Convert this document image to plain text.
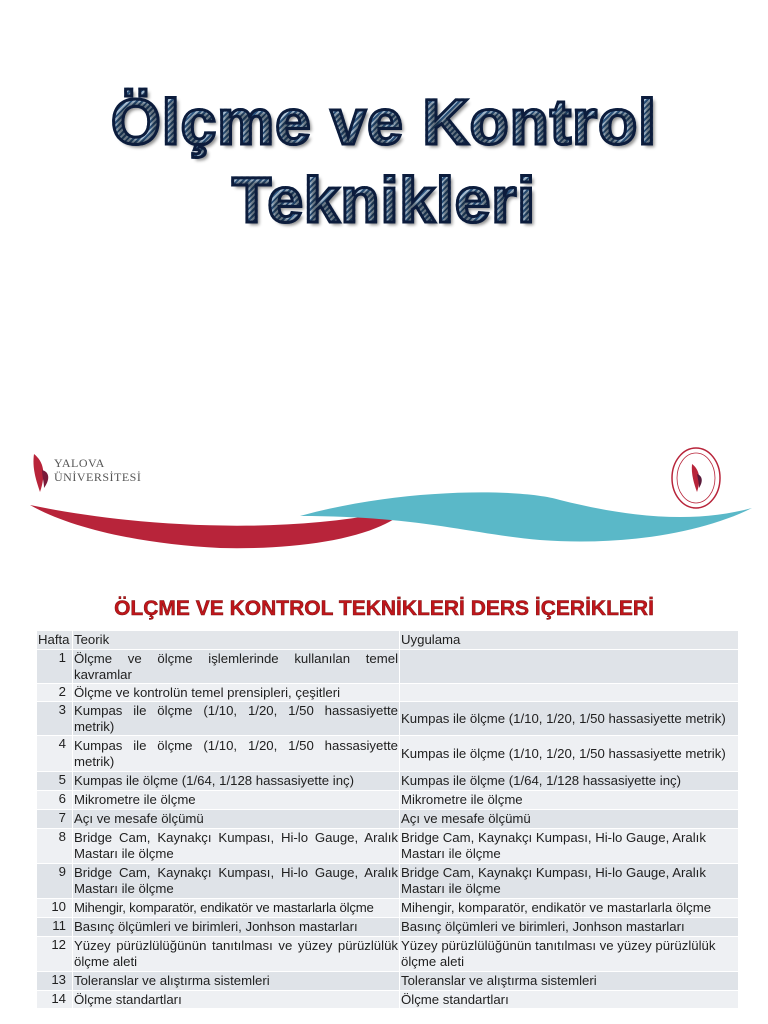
Ölçme ve Kontrol
Teknikleri
YALOVA
ÜNİVERSİTESİ
ÖLÇME VE KONTROL TEKNİKLERİ DERS İÇERİKLERİ
Hafta	Teorik	Uygulama
1	Ölçme ve ölçme işlemlerinde kullanılan temel kavramlar	
2	Ölçme ve kontrolün temel prensipleri, çeşitleri	
3	Kumpas ile ölçme (1/10, 1/20, 1/50 hassasiyette metrik)	Kumpas ile ölçme (1/10, 1/20, 1/50 hassasiyette metrik)
4	Kumpas ile ölçme (1/10, 1/20, 1/50 hassasiyette metrik)	Kumpas ile ölçme (1/10, 1/20, 1/50 hassasiyette metrik)
5	Kumpas ile ölçme (1/64, 1/128 hassasiyette inç)	Kumpas ile ölçme (1/64, 1/128 hassasiyette inç)
6	Mikrometre ile ölçme	Mikrometre ile ölçme
7	Açı ve mesafe ölçümü	Açı ve mesafe ölçümü
8	Bridge Cam, Kaynakçı Kumpası, Hi-lo Gauge, Aralık Mastarı ile ölçme	Bridge Cam, Kaynakçı Kumpası, Hi-lo Gauge, Aralık Mastarı ile ölçme
9	Bridge Cam, Kaynakçı Kumpası, Hi-lo Gauge, Aralık Mastarı ile ölçme	Bridge Cam, Kaynakçı Kumpası, Hi-lo Gauge, Aralık Mastarı ile ölçme
10	Mihengir, komparatör, endikatör ve mastarlarla ölçme	Mihengir, komparatör, endikatör ve mastarlarla ölçme
11	Basınç ölçümleri ve birimleri, Jonhson mastarları	Basınç ölçümleri ve birimleri, Jonhson mastarları
12	Yüzey pürüzlülüğünün tanıtılması ve yüzey pürüzlülük ölçme aleti	Yüzey pürüzlülüğünün tanıtılması ve yüzey pürüzlülük ölçme aleti
13	Toleranslar ve alıştırma sistemleri	Toleranslar ve alıştırma sistemleri
14	Ölçme standartları	Ölçme standartları
